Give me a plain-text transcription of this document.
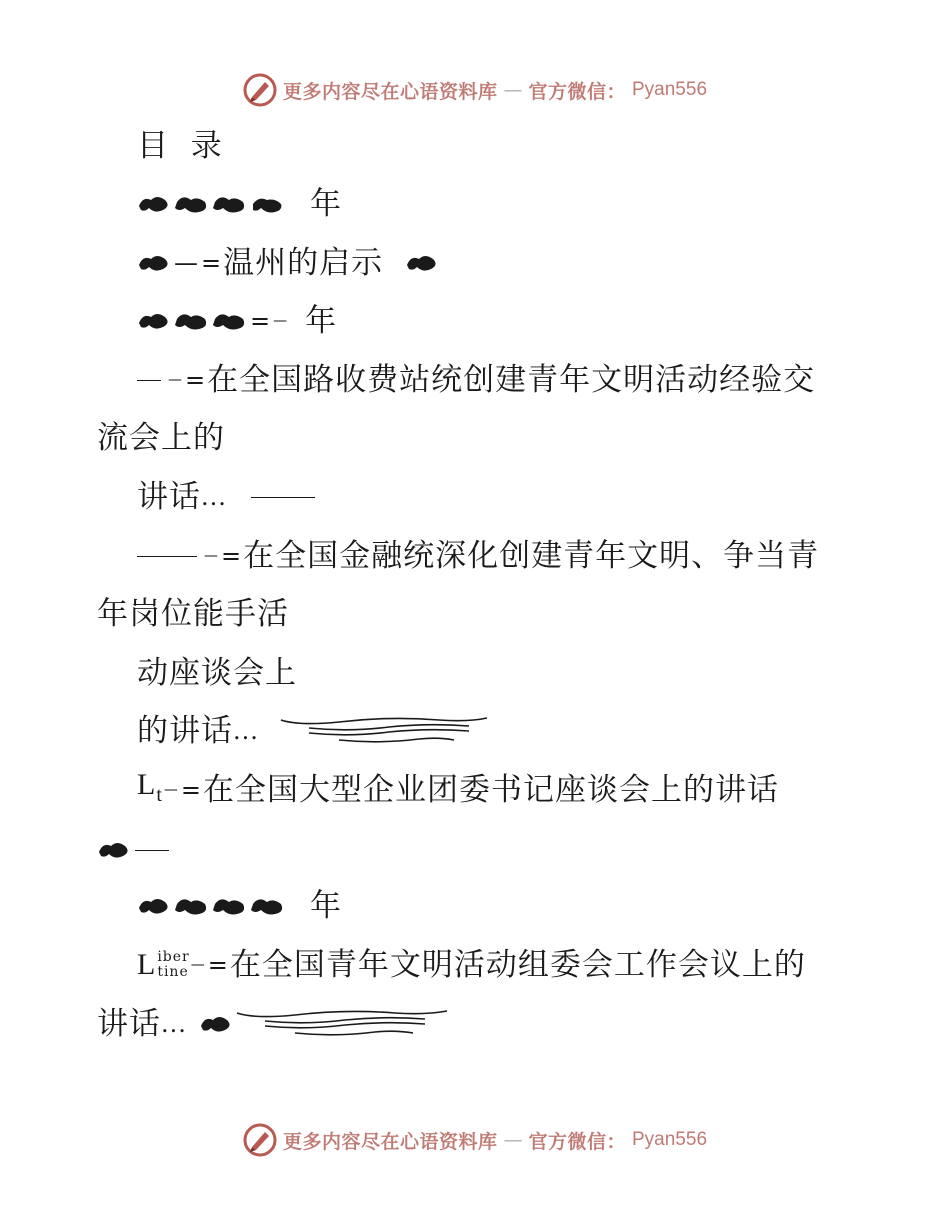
更多内容尽在心语资料库 — 官方微信： Pyan556
目  录
年
— = 温州的启示
= — 年
— = 在全国路收费站统创建青年文明活动经验交
流会上的
讲话 ...
— = 在全国金融统深化创建青年文明、争当青
年岗位能手活
动座谈会上
的讲话 ...
$L_t$ — = 在全国大型企业团委书记座谈会上的讲话
年
L iber
tine — = 在全国青年文明活动组委会工作会议上的
讲话 ...
更多内容尽在心语资料库 — 官方微信： Pyan556
